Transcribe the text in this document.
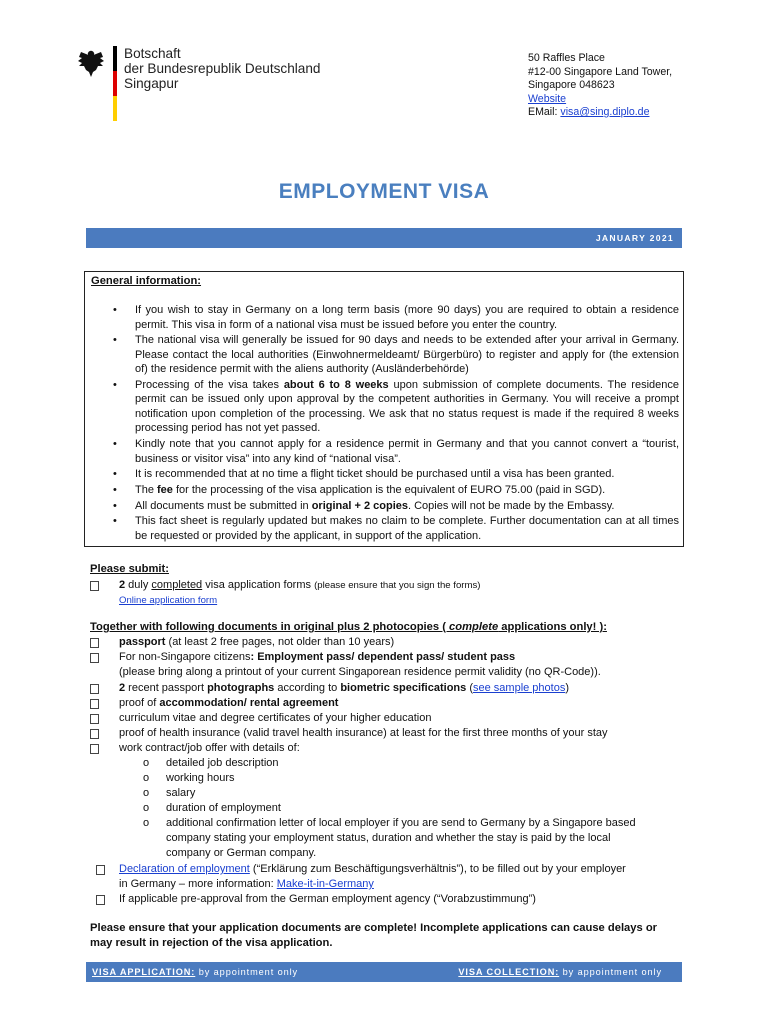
Botschaft
der Bundesrepublik Deutschland
Singapur
50 Raffles Place
#12-00 Singapore Land Tower,
Singapore 048623
Website
EMail: visa@sing.diplo.de
EMPLOYMENT VISA
JANUARY 2021
General information:
• If you wish to stay in Germany on a long term basis (more 90 days) you are required to obtain a residence permit. This visa in form of a national visa must be issued before you enter the country.
• The national visa will generally be issued for 90 days and needs to be extended after your arrival in Germany. Please contact the local authorities (Einwohnermeldeamt/ Bürgerbüro) to register and apply for (the extension of) the residence permit with the aliens authority (Ausländerbehörde)
• Processing of the visa takes about 6 to 8 weeks upon submission of complete documents. The residence permit can be issued only upon approval by the competent authorities in Germany. You will receive a prompt notification upon completion of the processing. We ask that no status request is made if the required 8 weeks processing period has not yet passed.
• Kindly note that you cannot apply for a residence permit in Germany and that you cannot convert a “tourist, business or visitor visa” into any kind of “national visa”.
• It is recommended that at no time a flight ticket should be purchased until a visa has been granted.
• The fee for the processing of the visa application is the equivalent of EURO 75.00 (paid in SGD).
• All documents must be submitted in original + 2 copies. Copies will not be made by the Embassy.
• This fact sheet is regularly updated but makes no claim to be complete. Further documentation can at all times be requested or provided by the applicant, in support of the application.
Please submit:
2 duly completed visa application forms (please ensure that you sign the forms)
Online application form
Together with following documents in original plus 2 photocopies ( complete applications only! ):
passport (at least 2 free pages, not older than 10 years)
For non-Singapore citizens: Employment pass/ dependent pass/ student pass
(please bring along a printout of your current Singaporean residence permit validity (no QR-Code)).
2 recent passport photographs according to biometric specifications (see sample photos)
proof of accommodation/ rental agreement
curriculum vitae and degree certificates of your higher education
proof of health insurance (valid travel health insurance) at least for the first three months of your stay
work contract/job offer with details of:
o detailed job description
o working hours
o salary
o duration of employment
o additional confirmation letter of local employer if you are send to Germany by a Singapore based
company stating your employment status, duration and whether the stay is paid by the local
company or German company.
Declaration of employment (“Erklärung zum Beschäftigungsverhältnis”), to be filled out by your employer
in Germany – more information: Make-it-in-Germany
If applicable pre-approval from the German employment agency (“Vorabzustimmung”)
Please ensure that your application documents are complete! Incomplete applications can cause delays or may result in rejection of the visa application.
VISA APPLICATION: by appointment only	VISA COLLECTION: by appointment only
